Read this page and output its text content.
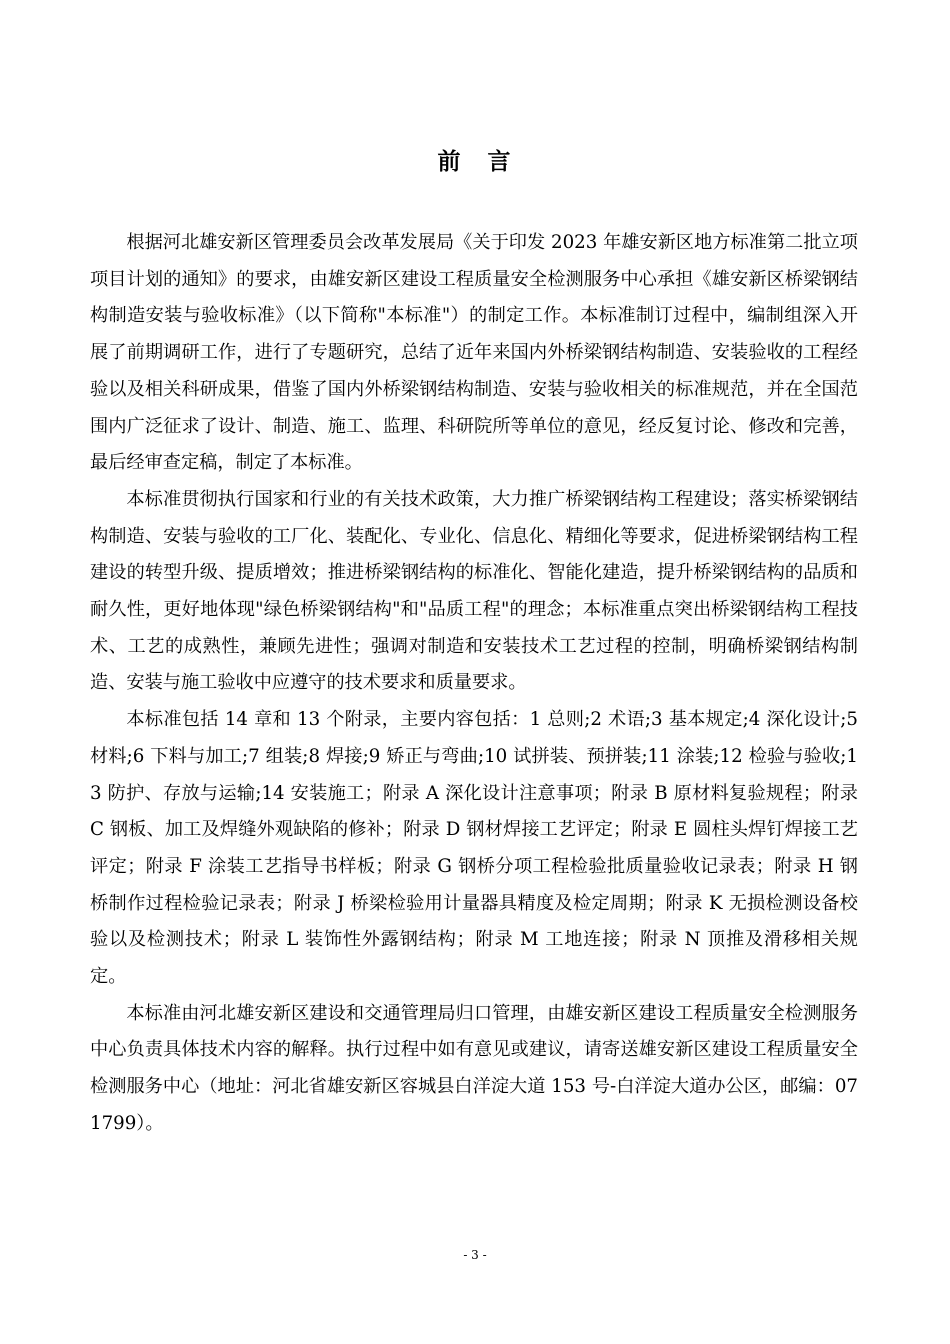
前　言

根据河北雄安新区管理委员会改革发展局《关于印发 2023 年雄安新区地方标准第二批立项项目计划的通知》的要求，由雄安新区建设工程质量安全检测服务中心承担《雄安新区桥梁钢结构制造安装与验收标准》（以下简称"本标准"）的制定工作。本标准制订过程中，编制组深入开展了前期调研工作，进行了专题研究，总结了近年来国内外桥梁钢结构制造、安装验收的工程经验以及相关科研成果，借鉴了国内外桥梁钢结构制造、安装与验收相关的标准规范，并在全国范围内广泛征求了设计、制造、施工、监理、科研院所等单位的意见，经反复讨论、修改和完善，最后经审查定稿，制定了本标准。

本标准贯彻执行国家和行业的有关技术政策，大力推广桥梁钢结构工程建设；落实桥梁钢结构制造、安装与验收的工厂化、装配化、专业化、信息化、精细化等要求，促进桥梁钢结构工程建设的转型升级、提质增效；推进桥梁钢结构的标准化、智能化建造，提升桥梁钢结构的品质和耐久性，更好地体现"绿色桥梁钢结构"和"品质工程"的理念；本标准重点突出桥梁钢结构工程技术、工艺的成熟性，兼顾先进性；强调对制造和安装技术工艺过程的控制，明确桥梁钢结构制造、安装与施工验收中应遵守的技术要求和质量要求。

本标准包括 14 章和 13 个附录，主要内容包括：1 总则;2 术语;3 基本规定;4 深化设计;5 材料;6 下料与加工;7 组装;8 焊接;9 矫正与弯曲;10 试拼装、预拼装;11 涂装;12 检验与验收;13 防护、存放与运输;14 安装施工；附录 A 深化设计注意事项；附录 B 原材料复验规程；附录 C 钢板、加工及焊缝外观缺陷的修补；附录 D 钢材焊接工艺评定；附录 E 圆柱头焊钉焊接工艺评定；附录 F 涂装工艺指导书样板；附录 G 钢桥分项工程检验批质量验收记录表；附录 H 钢桥制作过程检验记录表；附录 J 桥梁检验用计量器具精度及检定周期；附录 K 无损检测设备校验以及检测技术；附录 L 装饰性外露钢结构；附录 M 工地连接；附录 N 顶推及滑移相关规定。

本标准由河北雄安新区建设和交通管理局归口管理，由雄安新区建设工程质量安全检测服务中心负责具体技术内容的解释。执行过程中如有意见或建议，请寄送雄安新区建设工程质量安全检测服务中心（地址：河北省雄安新区容城县白洋淀大道 153 号-白洋淀大道办公区，邮编：071799）。

- 3 -
